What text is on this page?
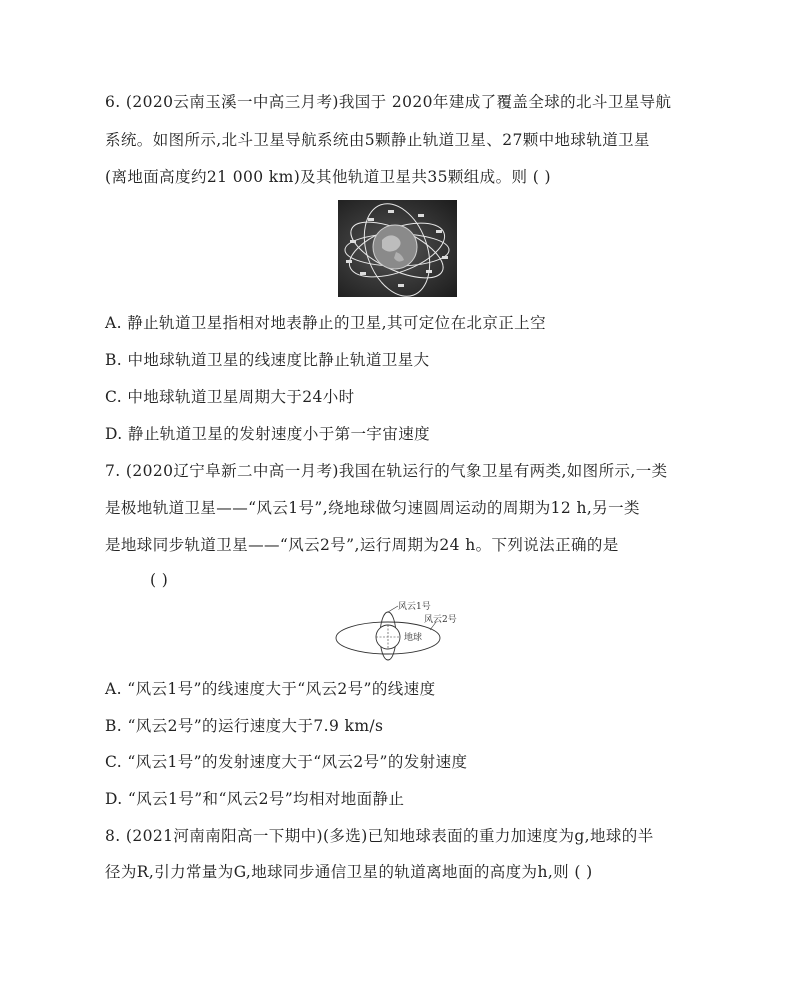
6. (2020云南玉溪一中高三月考)我国于 2020年建成了覆盖全球的北斗卫星导航
系统。如图所示,北斗卫星导航系统由5颗静止轨道卫星、27颗中地球轨道卫星
(离地面高度约21 000 km)及其他轨道卫星共35颗组成。则 ( )
A. 静止轨道卫星指相对地表静止的卫星,其可定位在北京正上空
B. 中地球轨道卫星的线速度比静止轨道卫星大
C. 中地球轨道卫星周期大于24小时
D. 静止轨道卫星的发射速度小于第一宇宙速度
7. (2020辽宁阜新二中高一月考)我国在轨运行的气象卫星有两类,如图所示,一类
是极地轨道卫星——“风云1号”,绕地球做匀速圆周运动的周期为12 h,另一类
是地球同步轨道卫星——“风云2号”,运行周期为24 h。下列说法正确的是
( )
风云1号
风云2号
地球
A. “风云1号”的线速度大于“风云2号”的线速度
B. “风云2号”的运行速度大于7.9 km/s
C. “风云1号”的发射速度大于“风云2号”的发射速度
D. “风云1号”和“风云2号”均相对地面静止
8. (2021河南南阳高一下期中)(多选)已知地球表面的重力加速度为g,地球的半
径为R,引力常量为G,地球同步通信卫星的轨道离地面的高度为h,则 ( )
